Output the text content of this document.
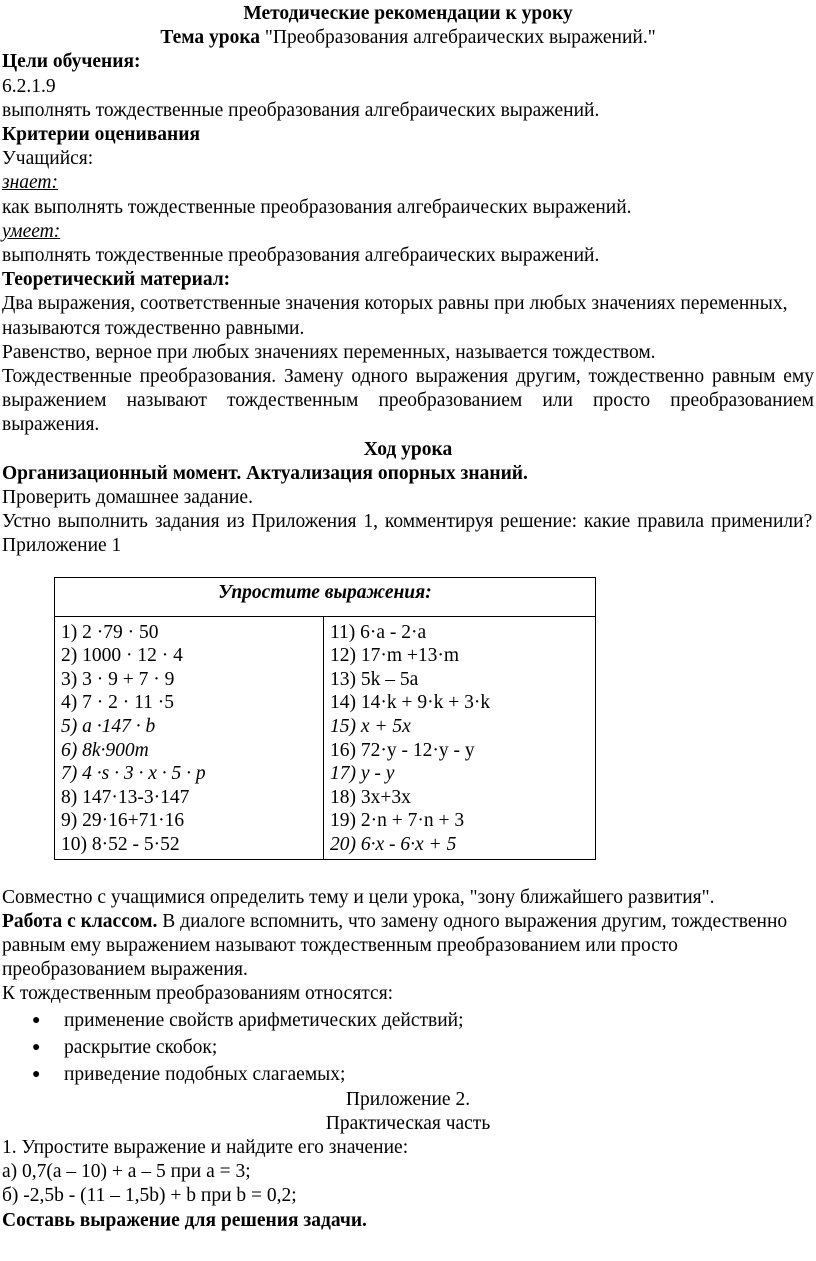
Методические рекомендации к уроку

Тема урока "Преобразования алгебраических выражений."

Цели обучения:

6.2.1.9

выполнять тождественные преобразования алгебраических выражений.

Критерии оценивания

Учащийся:

знает:

как выполнять тождественные преобразования алгебраических выражений.

умеет:

выполнять тождественные преобразования алгебраических выражений.

Теоретический материал:

Два выражения, соответственные значения которых равны при любых значениях переменных, называются тождественно равными.

Равенство, верное при любых значениях переменных, называется тождеством.

Тождественные преобразования. Замену одного выражения другим, тождественно равным ему выражением называют тождественным преобразованием или просто преобразованием выражения.

Ход урока

Организационный момент. Актуализация опорных знаний.

Проверить домашнее задание.

Устно выполнить задания из Приложения 1, комментируя решение: какие правила применили?

Приложение 1

Упростите выражения:

1) 2 ·79 · 50
2) 1000 · 12 · 4
3) 3 · 9 + 7 · 9
4) 7 · 2 · 11 ·5
5) a ·147 · b
6) 8k·900m
7) 4 ·s · 3 · x · 5 · p
8) 147·13-3·147
9) 29·16+71·16
10) 8·52 - 5·52

11) 6·a - 2·a
12) 17·m +13·m
13) 5k – 5a
14) 14·k + 9·k + 3·k
15) x + 5x
16) 72·y - 12·y - y
17) y - y
18) 3x+3x
19) 2·n + 7·n + 3
20) 6·x - 6·x + 5

Совместно с учащимися определить тему и цели урока, "зону ближайшего развития".

Работа с классом. В диалоге вспомнить, что замену одного выражения другим, тождественно равным ему выражением называют тождественным преобразованием или просто преобразованием выражения.

К тождественным преобразованиям относятся:

● применение свойств арифметических действий;
● раскрытие скобок;
● приведение подобных слагаемых;

Приложение 2.

Практическая часть

1. Упростите выражение и найдите его значение:

а) 0,7(а – 10) + а – 5 при а = 3;

б) -2,5b - (11 – 1,5b) + b при b = 0,2;

Составь выражение для решения задачи.
